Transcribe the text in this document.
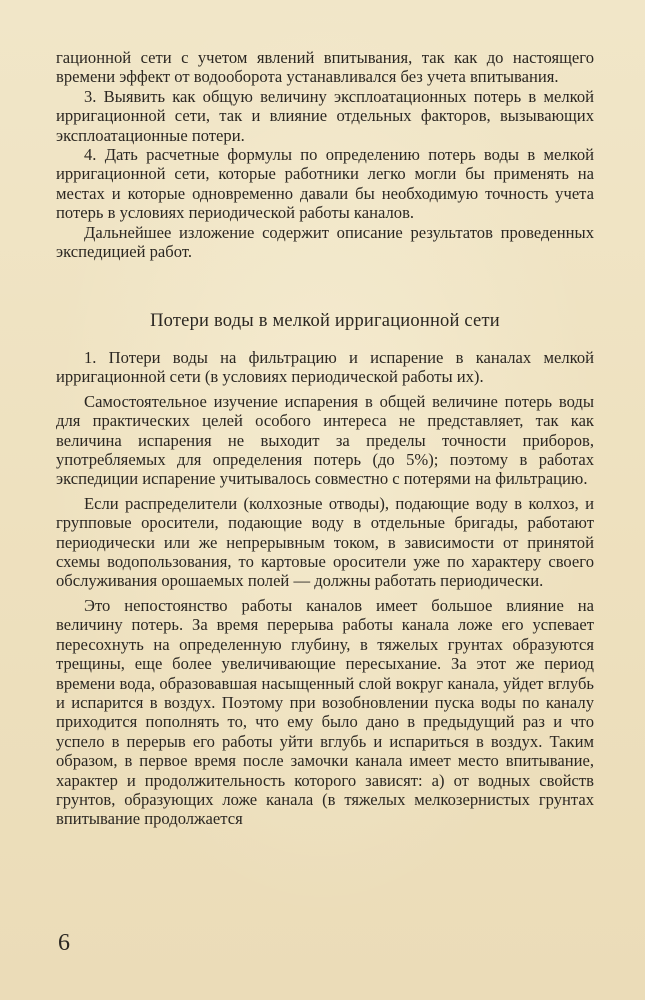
гационной сети с учетом явлений впитывания, так как до настоящего времени эффект от водооборота устанавливался без учета впитывания.

3. Выявить как общую величину эксплоатационных потерь в мелкой ирригационной сети, так и влияние отдельных факторов, вызывающих эксплоатационные потери.

4. Дать расчетные формулы по определению потерь воды в мелкой ирригационной сети, которые работники легко могли бы применять на местах и которые одновременно давали бы необходимую точность учета потерь в условиях периодической работы каналов.

Дальнейшее изложение содержит описание результатов проведенных экспедицией работ.

Потери воды в мелкой ирригационной сети

1. Потери воды на фильтрацию и испарение в каналах мелкой ирригационной сети (в условиях периодической работы их).

Самостоятельное изучение испарения в общей величине потерь воды для практических целей особого интереса не представляет, так как величина испарения не выходит за пределы точности приборов, употребляемых для определения потерь (до 5%); поэтому в работах экспедиции испарение учитывалось совместно с потерями на фильтрацию.

Если распределители (колхозные отводы), подающие воду в колхоз, и групповые оросители, подающие воду в отдельные бригады, работают периодически или же непрерывным током, в зависимости от принятой схемы водопользования, то картовые оросители уже по характеру своего обслуживания орошаемых полей — должны работать периодически.

Это непостоянство работы каналов имеет большое влияние на величину потерь. За время перерыва работы канала ложе его успевает пересохнуть на определенную глубину, в тяжелых грунтах образуются трещины, еще более увеличивающие пересыхание. За этот же период времени вода, образовавшая насыщенный слой вокруг канала, уйдет вглубь и испарится в воздух. Поэтому при возобновлении пуска воды по каналу приходится пополнять то, что ему было дано в предыдущий раз и что успело в перерыв его работы уйти вглубь и испариться в воздух. Таким образом, в первое время после замочки канала имеет место впитывание, характер и продолжительность которого зависят: а) от водных свойств грунтов, образующих ложе канала (в тяжелых мелкозернистых грунтах впитывание продолжается

6
